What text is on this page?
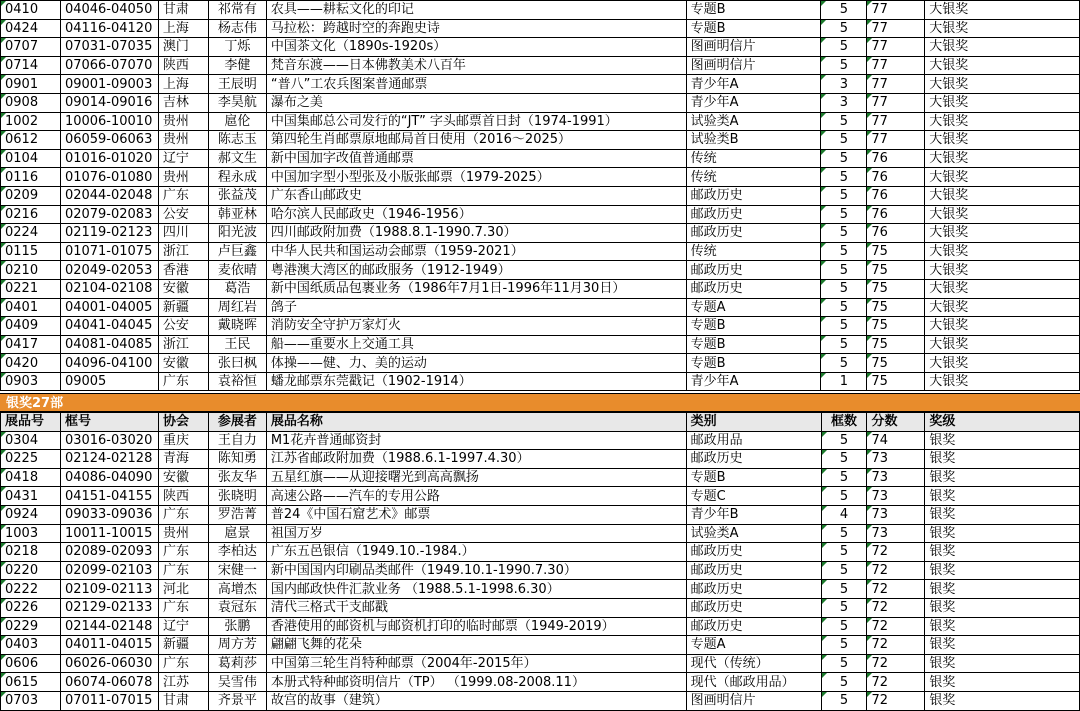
0410	04046-04050	甘肃	祁常有	农具——耕耘文化的印记	专题B	5	77	大银奖
0424	04116-04120	上海	杨志伟	马拉松：跨越时空的奔跑史诗	专题B	5	77	大银奖
0707	07031-07035	澳门	丁烁	中国茶文化（1890s-1920s）	图画明信片	5	77	大银奖
0714	07066-07070	陕西	李健	梵音东渡——日本佛教美术八百年	图画明信片	5	77	大银奖
0901	09001-09003	上海	王辰明	“普八”工农兵图案普通邮票	青少年A	3	77	大银奖
0908	09014-09016	吉林	李昊航	瀑布之美	青少年A	3	77	大银奖
1002	10006-10010	贵州	扈伦	中国集邮总公司发行的“JT” 字头邮票首日封（1974-1991）	试验类A	5	77	大银奖
0612	06059-06063	贵州	陈志玉	第四轮生肖邮票原地邮局首日使用（2016～2025）	试验类B	5	77	大银奖
0104	01016-01020	辽宁	郝文生	新中国加字改值普通邮票	传统	5	76	大银奖
0116	01076-01080	贵州	程永成	中国加字型小型张及小版张邮票（1979-2025）	传统	5	76	大银奖
0209	02044-02048	广东	张益茂	广东香山邮政史	邮政历史	5	76	大银奖
0216	02079-02083	公安	韩亚林	哈尔滨人民邮政史（1946-1956）	邮政历史	5	76	大银奖
0224	02119-02123	四川	阳光波	四川邮政附加费（1988.8.1-1990.7.30）	邮政历史	5	76	大银奖
0115	01071-01075	浙江	卢巨鑫	中华人民共和国运动会邮票（1959-2021）	传统	5	75	大银奖
0210	02049-02053	香港	麦依晴	粤港澳大湾区的邮政服务（1912-1949）	邮政历史	5	75	大银奖
0221	02104-02108	安徽	葛浩	新中国纸质品包裹业务（1986年7月1日-1996年11月30日）	邮政历史	5	75	大银奖
0401	04001-04005	新疆	周红岩	鸽子	专题A	5	75	大银奖
0409	04041-04045	公安	戴晓晖	消防安全守护万家灯火	专题B	5	75	大银奖
0417	04081-04085	浙江	王民	船——重要水上交通工具	专题B	5	75	大银奖
0420	04096-04100	安徽	张曰枫	体操——健、力、美的运动	专题B	5	75	大银奖
0903	09005	广东	袁裕恒	蟠龙邮票东莞戳记（1902-1914）	青少年A	1	75	大银奖
银奖27部
展品号	框号	协会	参展者	展品名称	类别	框数	分数	奖级
0304	03016-03020	重庆	王自力	M1花卉普通邮资封	邮政用品	5	74	银奖
0225	02124-02128	青海	陈知勇	江苏省邮政附加费（1988.6.1-1997.4.30）	邮政历史	5	73	银奖
0418	04086-04090	安徽	张友华	五星红旗——从迎接曙光到高高飘扬	专题B	5	73	银奖
0431	04151-04155	陕西	张晓明	高速公路——汽车的专用公路	专题C	5	73	银奖
0924	09033-09036	广东	罗浩菁	普24《中国石窟艺术》邮票	青少年B	4	73	银奖
1003	10011-10015	贵州	扈景	祖国万岁	试验类A	5	73	银奖
0218	02089-02093	广东	李柏达	广东五邑银信（1949.10.-1984.）	邮政历史	5	72	银奖
0220	02099-02103	广东	宋健一	新中国国内印刷品类邮件（1949.10.1-1990.7.30）	邮政历史	5	72	银奖
0222	02109-02113	河北	高增杰	国内邮政快件汇款业务 （1988.5.1-1998.6.30）	邮政历史	5	72	银奖
0226	02129-02133	广东	袁冠东	清代三格式干支邮戳	邮政历史	5	72	银奖
0229	02144-02148	辽宁	张鹏	香港使用的邮资机与邮资机打印的临时邮票（1949-2019）	邮政历史	5	72	银奖
0403	04011-04015	新疆	周方芳	翩翩飞舞的花朵	专题A	5	72	银奖
0606	06026-06030	广东	葛莉莎	中国第三轮生肖特种邮票（2004年-2015年）	现代（传统）	5	72	银奖
0615	06074-06078	江苏	吴雪伟	本册式特种邮资明信片（TP） （1999.08-2008.11）	现代（邮政用品）	5	72	银奖
0703	07011-07015	甘肃	齐景平	故宫的故事（建筑）	图画明信片	5	72	银奖
